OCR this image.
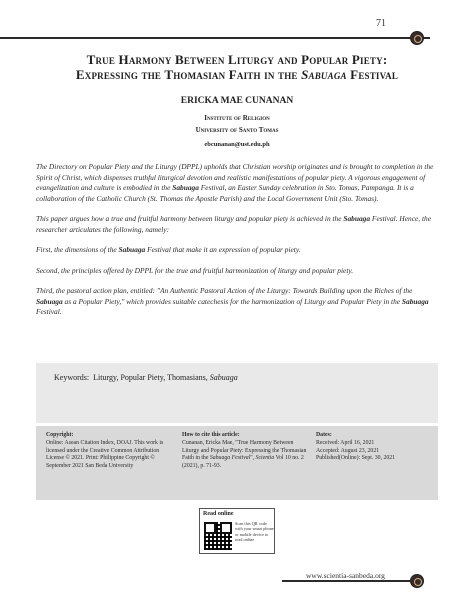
71
True Harmony Between Liturgy and Popular Piety:
Expressing the Thomasian Faith in the Sabuaga Festival
ERICKA MAE CUNANAN
Institute of Religion
University of Santo Tomas
ebcunanan@ust.edu.ph

The Directory on Popular Piety and the Liturgy (DPPL) upholds that Christian worship originates and is brought to completion in the Spirit of Christ, which dispenses truthful liturgical devotion and realistic manifestations of popular piety. A vigorous engagement of evangelization and culture is embodied in the Sabuaga Festival, an Easter Sunday celebration in Sto. Tomas, Pampanga. It is a collaboration of the Catholic Church (St. Thomas the Apostle Parish) and the Local Government Unit (Sto. Tomas).

This paper argues how a true and fruitful harmony between liturgy and popular piety is achieved in the Sabuaga Festival. Hence, the researcher articulates the following, namely:

First, the dimensions of the Sabuaga Festival that make it an expression of popular piety.

Second, the principles offered by DPPL for the true and fruitful harmonization of liturgy and popular piety.

Third, the pastoral action plan, entitled: "An Authentic Pastoral Action of the Liturgy: Towards Building upon the Riches of the Sabuaga as a Popular Piety," which provides suitable catechesis for the harmonization of Liturgy and Popular Piety in the Sabuaga Festival.

Keywords: Liturgy, Popular Piety, Thomasians, Sabuaga
Copyright:
Online: Asean Citation Index, DOAJ. This work is licensed under the Creative Common Attribution License © 2021. Print: Philippine Copyright © September 2021 San Beda University
How to cite this article:
Cunanan, Ericka Mae, "True Harmony Between Liturgy and Popular Piety: Expressing the Thomasian Faith in the Sabuaga Festival", Scientia Vol 10 no. 2 (2021), p. 71-93.
Dates:
Received: April 16, 2021
Accepted: August 23, 2021
Published(Online): Sept. 30, 2021
Read online
Scan this QR code with your smart phone or mobile device to read online
www.scientia-sanbeda.org
